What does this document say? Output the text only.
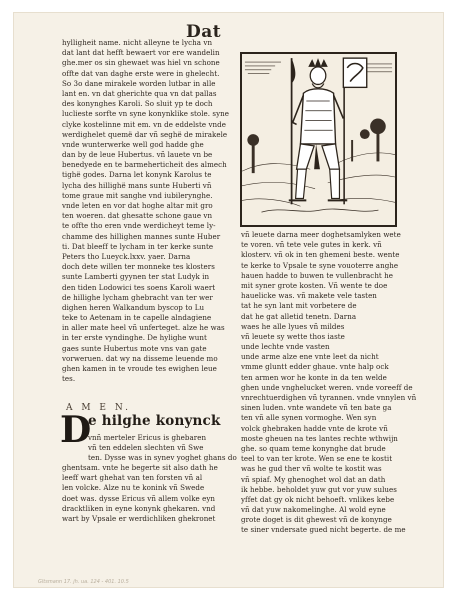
Dat
hylligheit name. nicht alleyne te lycha vn
dat lant dat hefft bewaert vor ere wandelin
ghe.mer os sin ghewaet was hiel vn schone
offte dat van daghe erste were in ghelecht.
So 3o dane mirakele worden lutbar in alle
lant en. vn dat gherichte qua vn dat pallas
des konynghes Karoli. So sluit yp te doch
luclieste sorfte vn syne konynklike stole. syne
clyke kostelinne mit em. vn de eddelste vnde
werdighelet quemë dar vñ seghë de mirakele
vnde wunterwerke well god hadde ghe
dan by de leue Hubertus. vñ lauete vn be
benedyede en te barmeherticheit des almech
tighë godes. Darna let konynk Karolus te
lycha des hillighë mans sunte Huberti vñ
tome graue mit sanghe vnd iubilerynghe.
vnde leten en vor dat hoghe altar mit gro
ten woeren. dat ghesatte schone gaue vn
te offte tho eren vnde werdicheyt teme ly-
chamme des hillighen mannes sunte Huber
ti. Dat bleeff te lycham in ter kerke sunte
Peters tho Lueyck.lxxv. yaer. Darna
doch dete willen ter monneke tes klosters
sunte Lamberti gyynen ter stat Ludyk in
den tiden Lodowici tes soens Karoli waert
de hillighe lycham ghebracht van ter wer
dighen heren Walkandum byscop to Lu
teke to Aetenam in te capelle alndagiene
in aller mate heel vñ unferteget. alze he was
in ter erste vyndinghe. De hylighe wunt
gaes sunte Hubertus mote vns van gate
vorweruen. dat wy na disseme leuende mo
ghen kamen in te vroude tes ewighen leue
tes.
A M E N.
D
e hilghe konynck
vnñ merteler Ericus is ghebaren
vñ ten eddelen slechten vñ Swe
ten. Dysse was in synev yoghet ghans do
ghentsam. vnte he begerte sit also dath he
leeff wart ghehat van ten forsten vñ al
len volcke. Alze nu te konink vñ Swede
doet was. dysse Ericus vñ allem volke eyn
dracktliken in eyne konynk ghekaren. vnd
wart by Vpsale er werdichliken ghekronet
vñ leuete darna meer doghetsamlyken wete
te voren. vñ tete vele gutes in kerk. vñ
klosterv. vñ ok in ten ghemeni beste. wente
te kerke to Vpsale te syne vouoterre anghe
hauen hadde to buwen te vullenbracht he
mit syner grote kosten. Vñ wente te doe
hauelicke was. vñ makete vele tasten
tat he syn lant mit vorbetere de
dat he gat alletid tenetn. Darna
waes he alle lyues vñ mildes
vñ leuete sy wette thos iaste
unde lechte vnde vasten
unde arme alze ene vnte leet da nicht
vmme gluntt edder ghaue. vnte halp ock
ten armen wor he konte in da ten welde
ghen unde vnghelucket weren. vnde voreeff de
vnrechtuerdighen vñ tyrannen. vnde vnnylen vñ
sinen luden. vnte wandete vñ ten bate ga
ten vñ alle synen vormoghe. Wen syn
volck ghebraken hadde vnte de krote vñ
moste gheuen na tes lantes rechte wthwijn
ghe. so quam teme konynghe dat brude
teel to van ter krote. Wen se ene te kostit
was he gud ther vñ wolte te kostit was
vñ spiaf. My ghenoghet wol dat an dath
ik hebbe. beholdet yuw gut vor yuw sulues
yffet dat gy ok nicht behoeft. vnlikes kebe
vñ dat yuw nakomelinghe. Al wold eyne
grote doget is dit ghewest vñ de konynge
te siner vndersate gued nicht begerte. de me
Gltsmann 17. jh. ua. 124 - 401. 10.5
